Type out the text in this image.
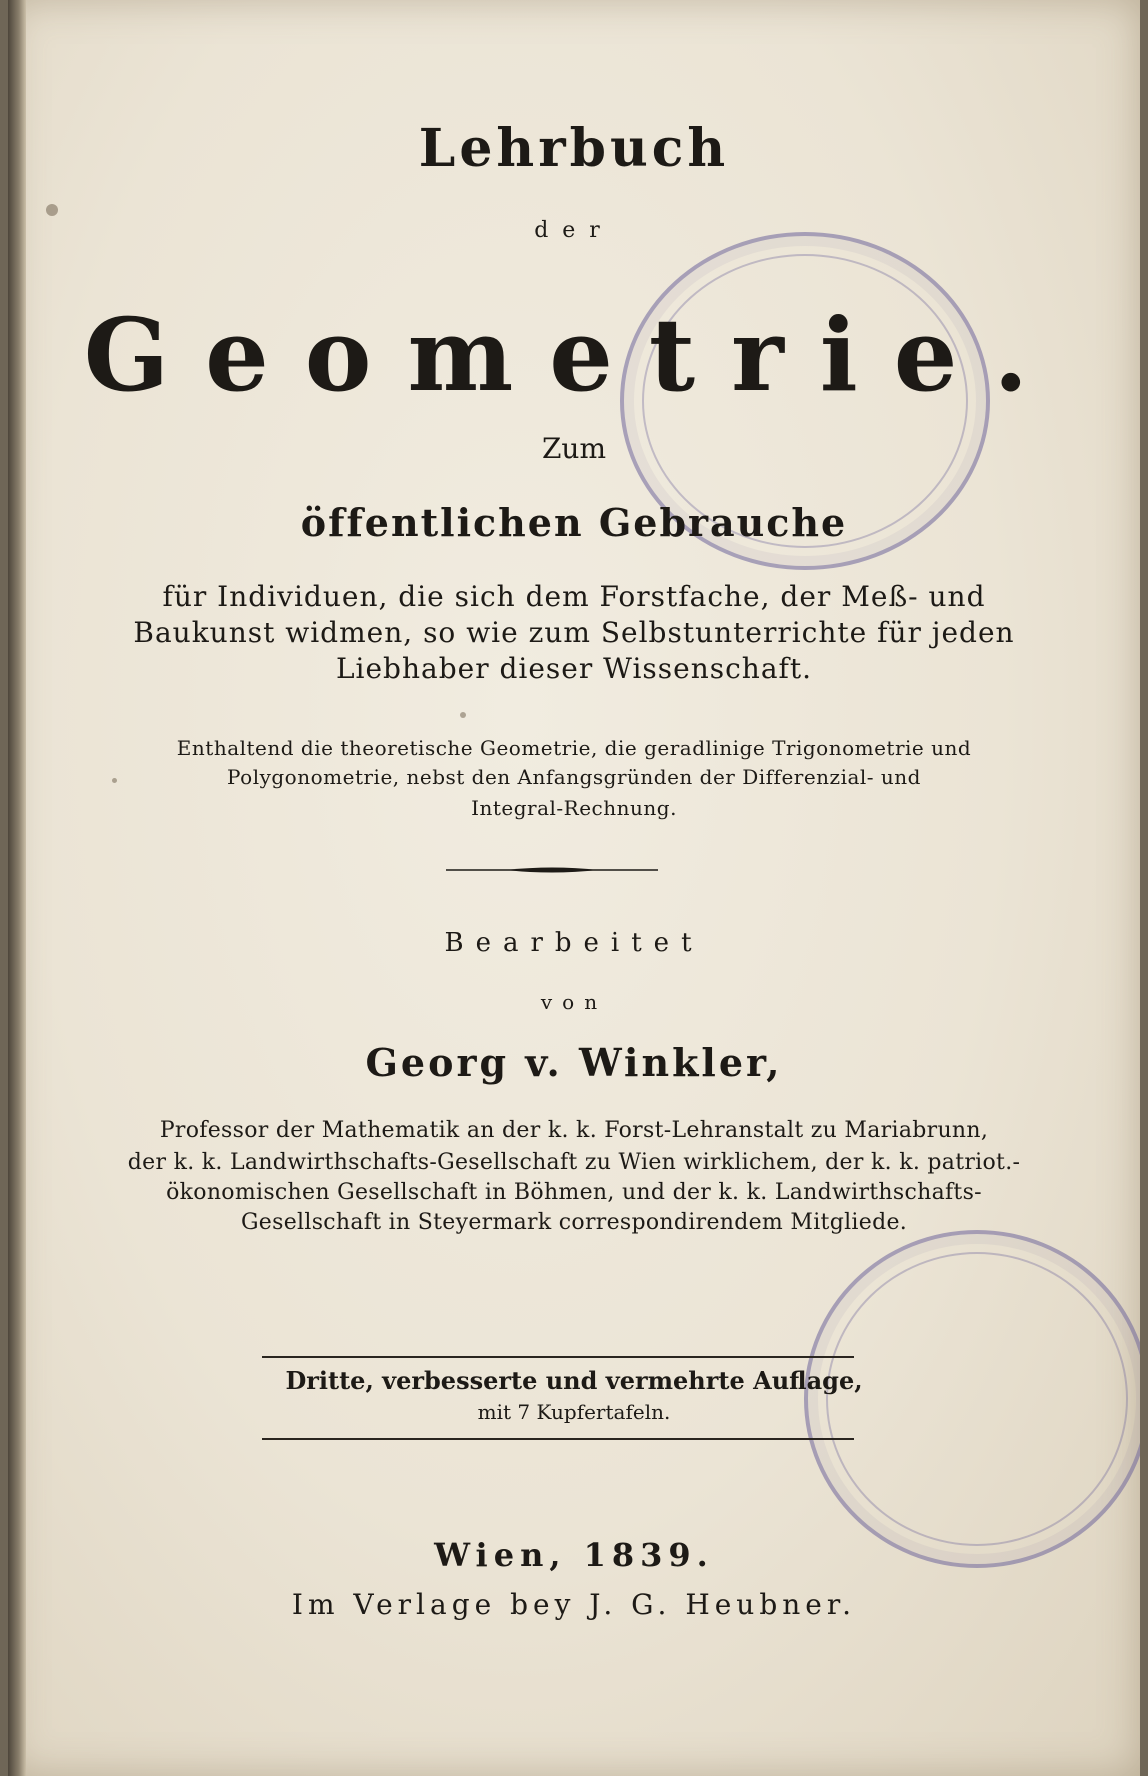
Lehrbuch
der
Geometrie.
Zum
öffentlichen Gebrauche
für Individuen, die sich dem Forstfache, der Meß- und
Baukunst widmen, so wie zum Selbstunterrichte für jeden
Liebhaber dieser Wissenschaft.
Enthaltend die theoretische Geometrie, die geradlinige Trigonometrie und
Polygonometrie, nebst den Anfangsgründen der Differenzial- und
Integral-Rechnung.
Bearbeitet
von
Georg v. Winkler,
Professor der Mathematik an der k. k. Forst-Lehranstalt zu Mariabrunn,
der k. k. Landwirthschafts-Gesellschaft zu Wien wirklichem, der k. k. patriot.-
ökonomischen Gesellschaft in Böhmen, und der k. k. Landwirthschafts-
Gesellschaft in Steyermark correspondirendem Mitgliede.
Dritte, verbesserte und vermehrte Auflage,
mit 7 Kupfertafeln.
Wien, 1839.
Im Verlage bey J. G. Heubner.
